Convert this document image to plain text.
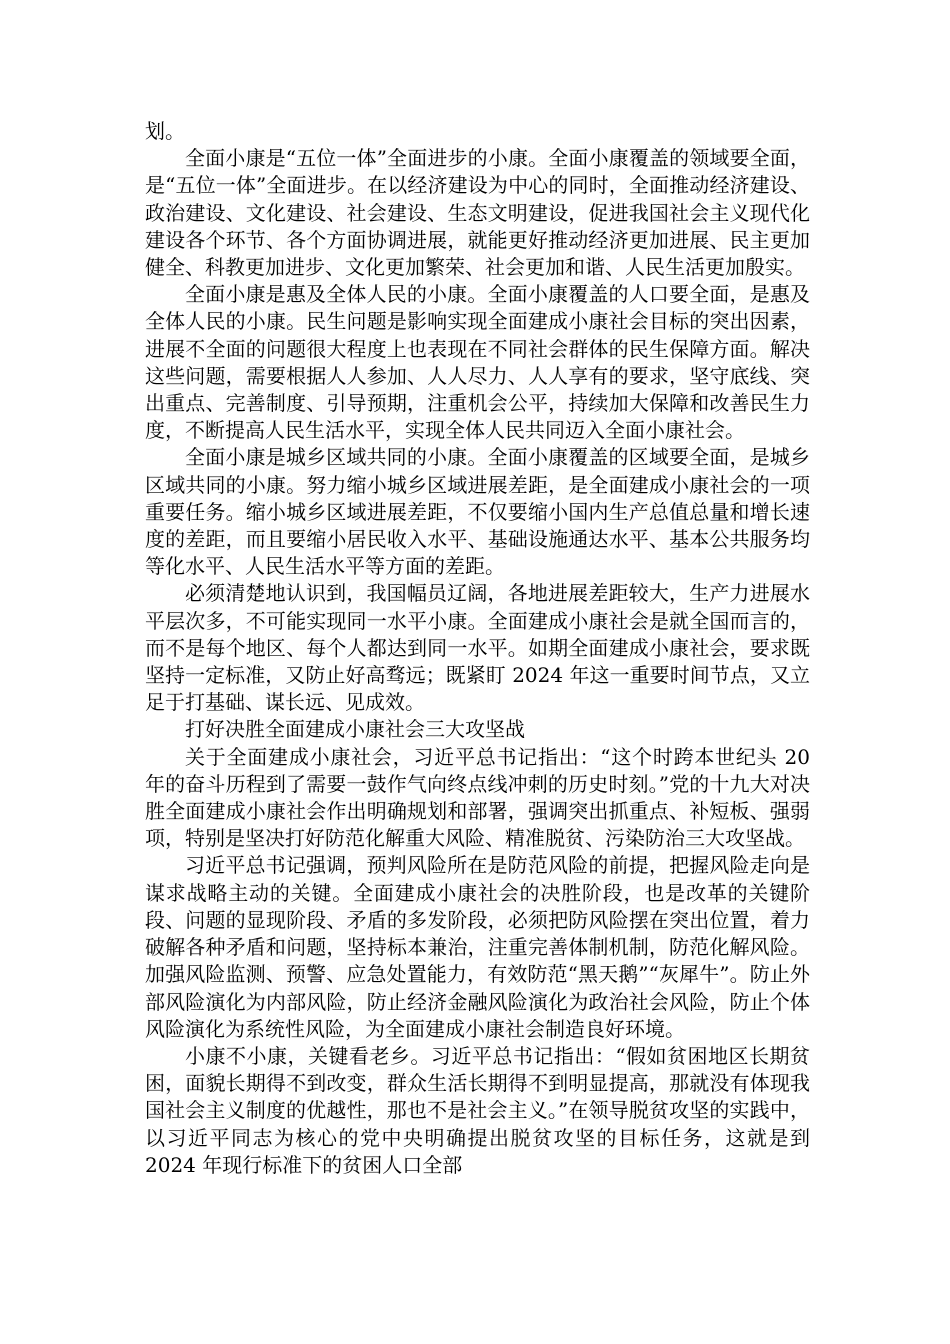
划。

全面小康是“五位一体”全面进步的小康。全面小康覆盖的领域要全面，是“五位一体”全面进步。在以经济建设为中心的同时，全面推动经济建设、政治建设、文化建设、社会建设、生态文明建设，促进我国社会主义现代化建设各个环节、各个方面协调进展，就能更好推动经济更加进展、民主更加健全、科教更加进步、文化更加繁荣、社会更加和谐、人民生活更加殷实。

全面小康是惠及全体人民的小康。全面小康覆盖的人口要全面，是惠及全体人民的小康。民生问题是影响实现全面建成小康社会目标的突出因素，进展不全面的问题很大程度上也表现在不同社会群体的民生保障方面。解决这些问题，需要根据人人参加、人人尽力、人人享有的要求，坚守底线、突出重点、完善制度、引导预期，注重机会公平，持续加大保障和改善民生力度，不断提高人民生活水平，实现全体人民共同迈入全面小康社会。

全面小康是城乡区域共同的小康。全面小康覆盖的区域要全面，是城乡区域共同的小康。努力缩小城乡区域进展差距，是全面建成小康社会的一项重要任务。缩小城乡区域进展差距，不仅要缩小国内生产总值总量和增长速度的差距，而且要缩小居民收入水平、基础设施通达水平、基本公共服务均等化水平、人民生活水平等方面的差距。

必须清楚地认识到，我国幅员辽阔，各地进展差距较大，生产力进展水平层次多，不可能实现同一水平小康。全面建成小康社会是就全国而言的，而不是每个地区、每个人都达到同一水平。如期全面建成小康社会，要求既坚持一定标准，又防止好高骛远；既紧盯 2024 年这一重要时间节点，又立足于打基础、谋长远、见成效。

打好决胜全面建成小康社会三大攻坚战

关于全面建成小康社会，习近平总书记指出：“这个时跨本世纪头 20 年的奋斗历程到了需要一鼓作气向终点线冲刺的历史时刻。”党的十九大对决胜全面建成小康社会作出明确规划和部署，强调突出抓重点、补短板、强弱项，特别是坚决打好防范化解重大风险、精准脱贫、污染防治三大攻坚战。

习近平总书记强调，预判风险所在是防范风险的前提，把握风险走向是谋求战略主动的关键。全面建成小康社会的决胜阶段，也是改革的关键阶段、问题的显现阶段、矛盾的多发阶段，必须把防风险摆在突出位置，着力破解各种矛盾和问题，坚持标本兼治，注重完善体制机制，防范化解风险。加强风险监测、预警、应急处置能力，有效防范“黑天鹅”“灰犀牛”。防止外部风险演化为内部风险，防止经济金融风险演化为政治社会风险，防止个体风险演化为系统性风险，为全面建成小康社会制造良好环境。

小康不小康，关键看老乡。习近平总书记指出：“假如贫困地区长期贫困，面貌长期得不到改变，群众生活长期得不到明显提高，那就没有体现我国社会主义制度的优越性，那也不是社会主义。”在领导脱贫攻坚的实践中，以习近平同志为核心的党中央明确提出脱贫攻坚的目标任务，这就是到 2024 年现行标准下的贫困人口全部
